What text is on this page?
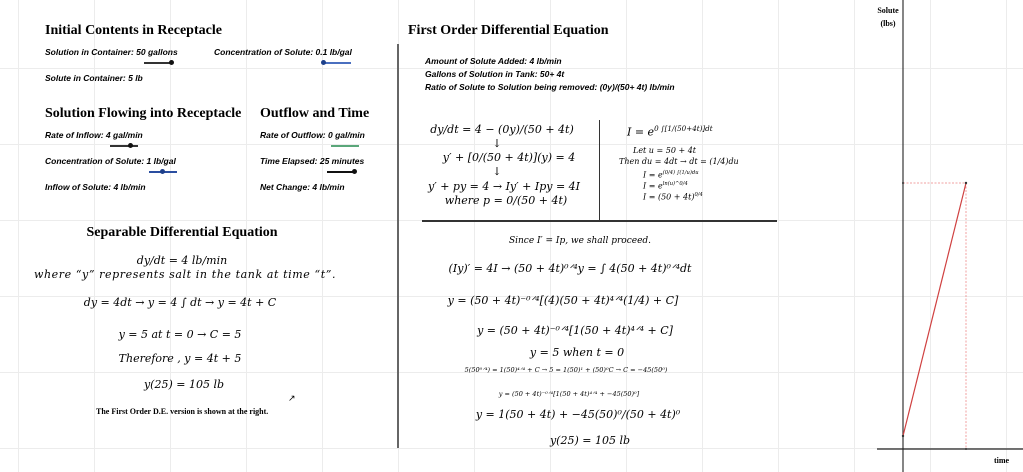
Initial Contents in Receptacle
Solution in Container: 50 gallons	Concentration of Solute: 0.1 lb/gal
Solute in Container: 5 lb
Solution Flowing into Receptacle
Rate of Inflow: 4 gal/min
Concentration of Solute: 1 lb/gal
Inflow of Solute: 4 lb/min
Outflow and Time
Rate of Outflow: 0 gal/min
Time Elapsed: 25 minutes
Net Change: 4 lb/min
Separable Differential Equation
dy/dt = 4 lb/min
where “y” represents salt in the tank at time “t”.
dy = 4dt → y = 4 ∫ dt → y = 4t + C
y = 5 at t = 0 → C = 5
Therefore , y = 4t + 5
y(25) = 105 lb
The First Order D.E. version is shown at the right.
↗
First Order Differential Equation
Amount of Solute Added: 4 lb/min
Gallons of Solution in Tank: 50+ 4t
Ratio of Solute to Solution being removed: (0y)/(50+ 4t) lb/min
dy/dt = 4 − (0y)/(50 + 4t)
↓
y′ + [0/(50 + 4t)](y) = 4
↓
y′ + py = 4 → Iy′ + Ipy = 4I
where p = 0/(50 + 4t)
$I = e^{0 \int[1/(50+4t)]dt}$
Let u = 50 + 4t
Then du = 4dt → dt = (1/4)du
$I = e^{(0/4) \int(1/u)du}$
$I = e^{ln(u)\^{}0/4}$
$I = (50 + 4t)^{0/4}$
Since I′ = Ip, we shall proceed.
(Iy)′ = 4I → (50 + 4t)⁰ᐟ⁴y = ∫ 4(50 + 4t)⁰ᐟ⁴dt
y = (50 + 4t)⁻⁰ᐟ⁴[(4)(50 + 4t)⁴ᐟ⁴(1/4) + C]
y = (50 + 4t)⁻⁰ᐟ⁴[1(50 + 4t)⁴ᐟ⁴ + C]
y = 5 when t = 0
5(50⁰ᐟ⁴) = 1(50)⁴ᐟ⁴ + C → 5 = 1(50)¹ + (50)⁰C → C = −45(50⁰)
y = (50 + 4t)⁻⁰ᐟ⁴[1(50 + 4t)⁴ᐟ⁴ + −45(50)⁰]
y = 1(50 + 4t) + −45(50)⁰/(50 + 4t)⁰
y(25) = 105 lb
Solute
(lbs)
time
